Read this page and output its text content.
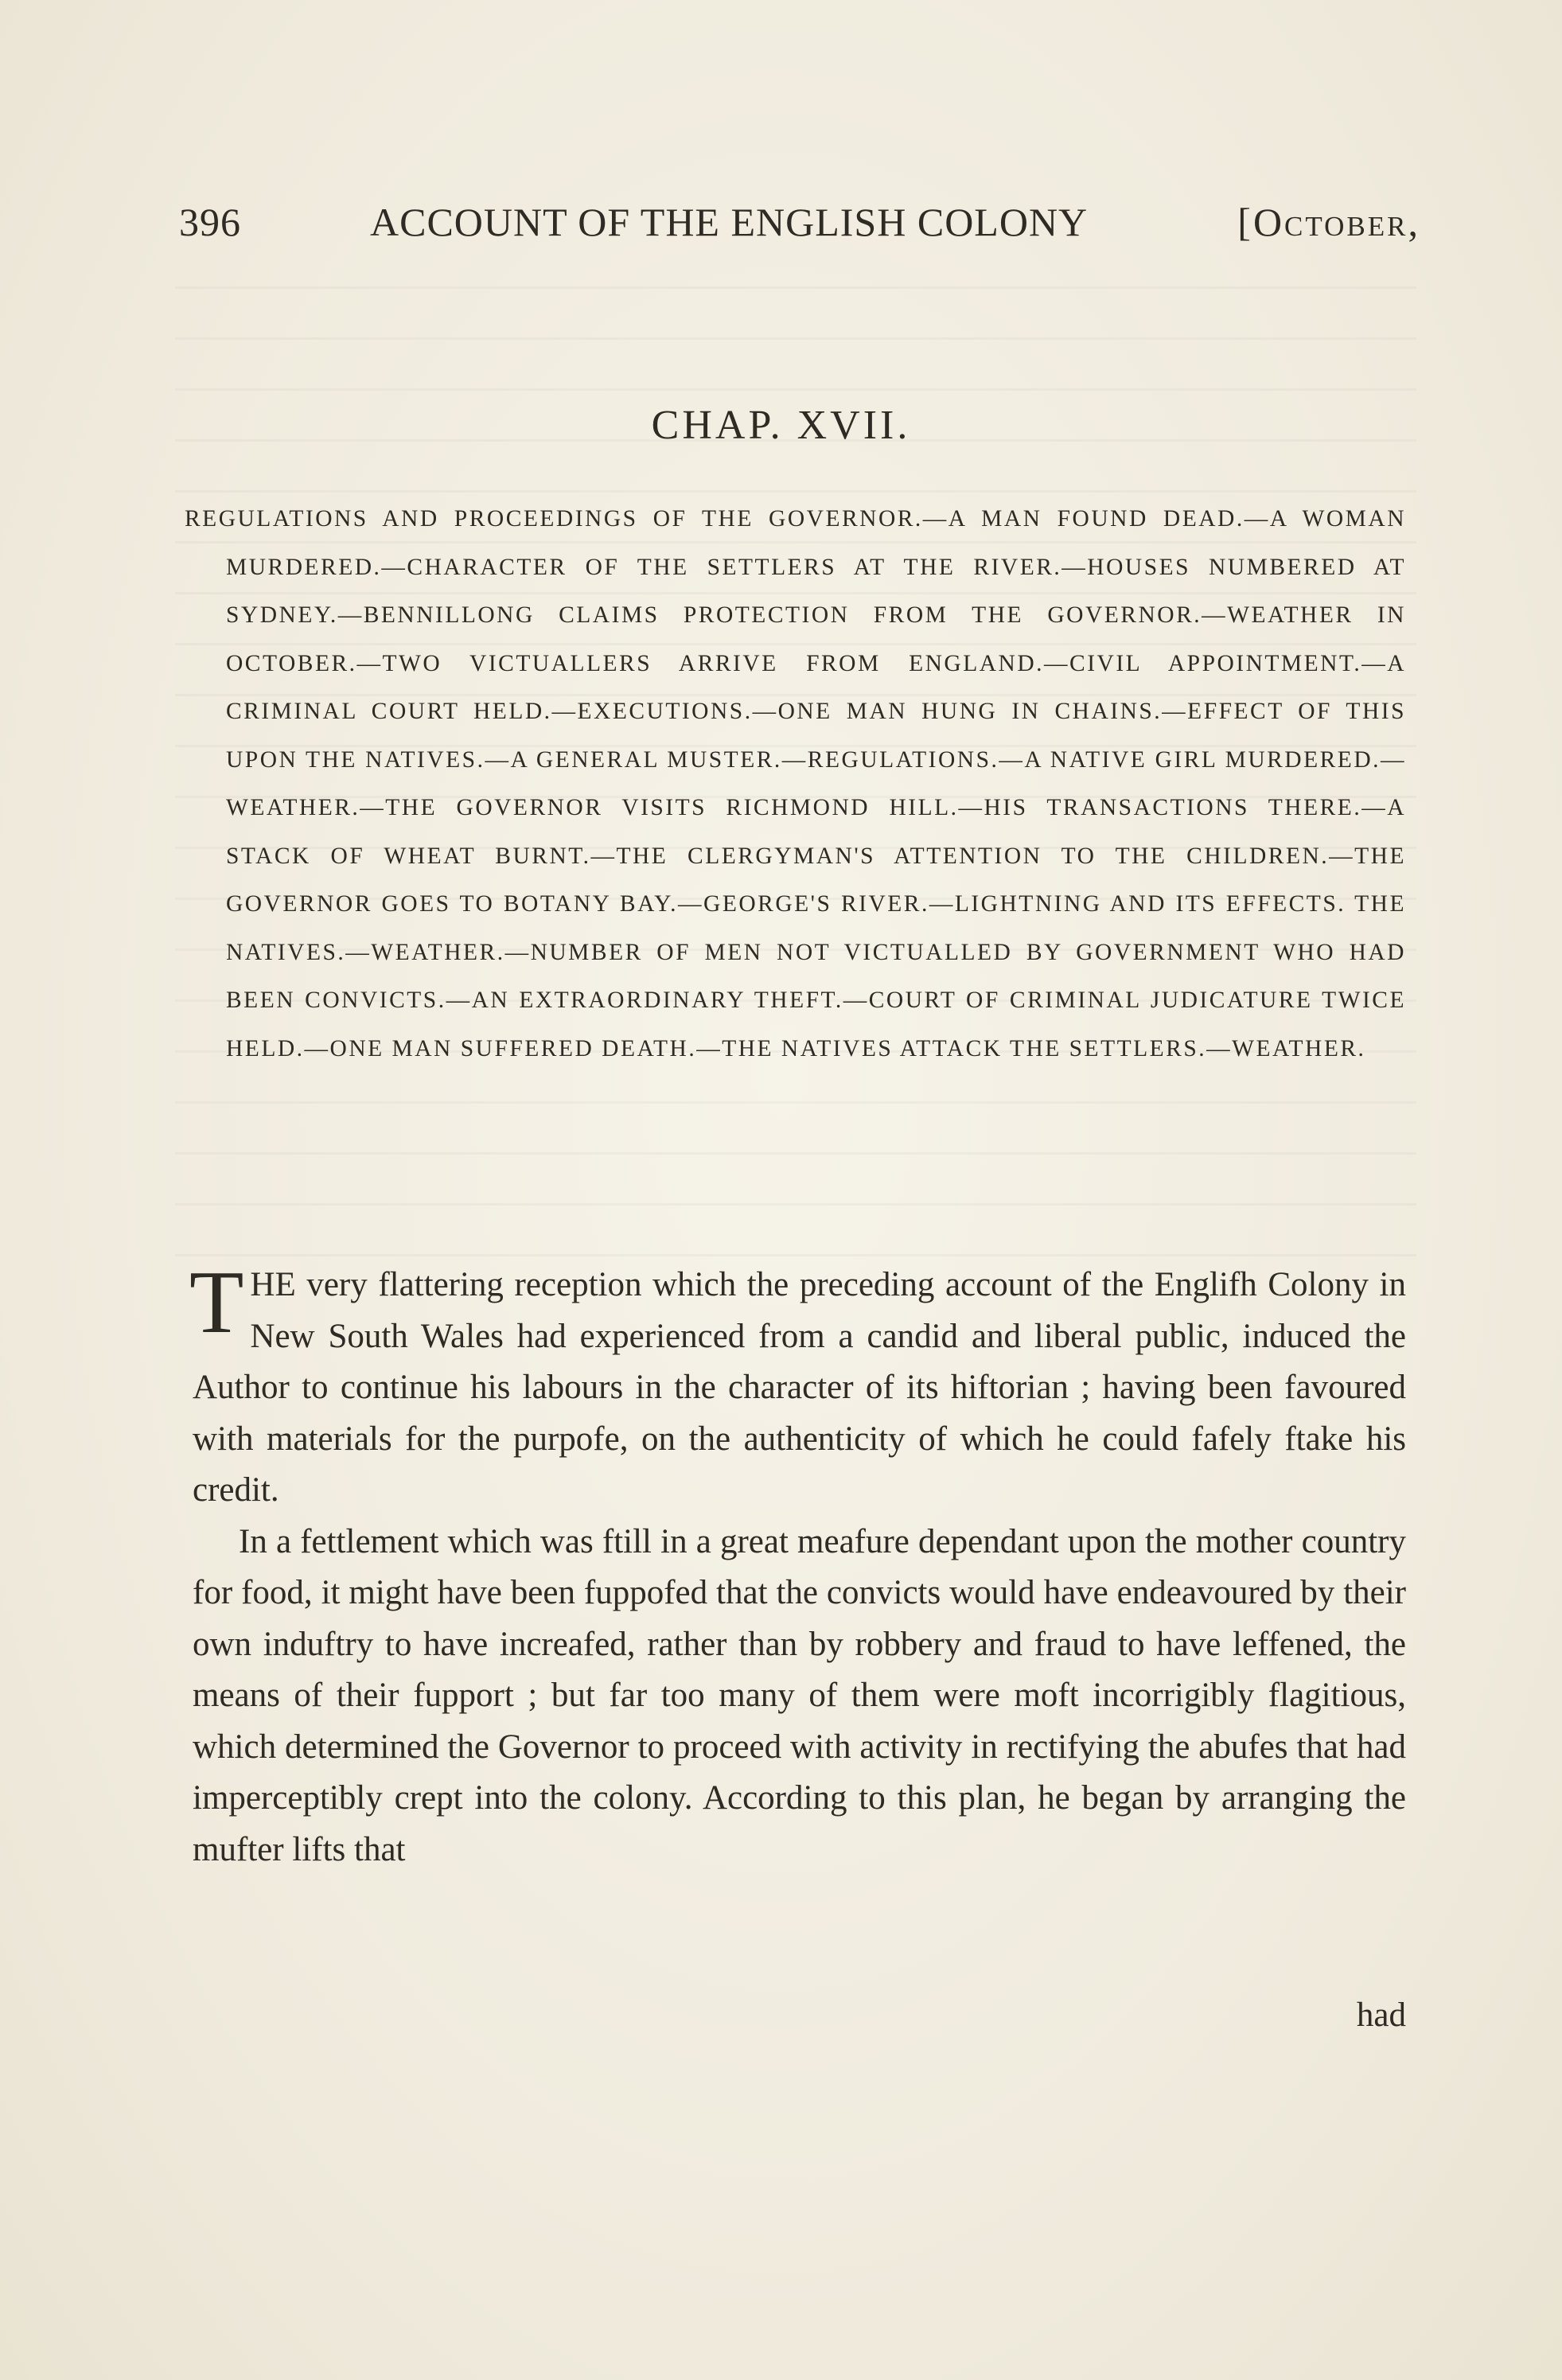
396	ACCOUNT OF THE ENGLISH COLONY	[October,
CHAP. XVII.

REGULATIONS AND PROCEEDINGS OF THE GOVERNOR.—A MAN FOUND DEAD.—A WOMAN MURDERED.—CHARACTER OF THE SETTLERS AT THE RIVER.—HOUSES NUMBERED AT SYDNEY.—BENNILLONG CLAIMS PROTECTION FROM THE GOVERNOR.—WEATHER IN OCTOBER.—TWO VICTUALLERS ARRIVE FROM ENGLAND.—CIVIL APPOINTMENT.—A CRIMINAL COURT HELD.—EXECUTIONS.—ONE MAN HUNG IN CHAINS.—EFFECT OF THIS UPON THE NATIVES.—A GENERAL MUSTER.—REGULATIONS.—A NATIVE GIRL MURDERED.—WEATHER.—THE GOVERNOR VISITS RICHMOND HILL.—HIS TRANSACTIONS THERE.—A STACK OF WHEAT BURNT.—THE CLERGYMAN'S ATTENTION TO THE CHILDREN.—THE GOVERNOR GOES TO BOTANY BAY.—GEORGE'S RIVER.—LIGHTNING AND ITS EFFECTS. THE NATIVES.—WEATHER.—NUMBER OF MEN NOT VICTUALLED BY GOVERNMENT WHO HAD BEEN CONVICTS.—AN EXTRAORDINARY THEFT.—COURT OF CRIMINAL JUDICATURE TWICE HELD.—ONE MAN SUFFERED DEATH.—THE NATIVES ATTACK THE SETTLERS.—WEATHER.

THE very flattering reception which the preceding account of the Englifh Colony in New South Wales had experienced from a candid and liberal public, induced the Author to continue his labours in the character of its hiftorian ; having been favoured with materials for the purpofe, on the authenticity of which he could fafely ftake his credit.

In a fettlement which was ftill in a great meafure dependant upon the mother country for food, it might have been fuppofed that the convicts would have endeavoured by their own induftry to have increafed, rather than by robbery and fraud to have leffened, the means of their fupport ; but far too many of them were moft incorrigibly flagitious, which determined the Governor to proceed with activity in rectifying the abufes that had imperceptibly crept into the colony. According to this plan, he began by arranging the mufter lifts that

had
